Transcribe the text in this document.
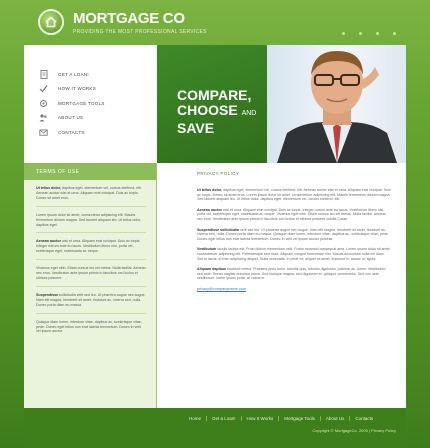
MORTGAGE CO
PROVIDING THE MOST PROFESSIONAL SERVICES
GET A LOAN!
HOW IT WORKS
MORTGAGE TOOLS
ABOUT US
CONTACTS
COMPARE,
CHOOSE AND
SAVE
TERMS OF USE

Ut tellus dolor, dapibus eget, elementum vel, cursus eleifend, elit. Aenean auctor wisi et urna. Aliquam erat volutpat. Duis ac turpis. Donec sit amet eros.

Lorem ipsum dolor sit amet, consectetur adipiscing elit. Mauris fermentum dictum magna. Sed laoreet aliquam leo. Ut tellus dolor, dapibus eget.

Aenean auctor wisi et urna. Aliquam erat volutpat. Duis ac turpis. Integer rutrum ante eu lacus. Vestibulum libero nisl, porta vel, scelerisque eget, malesuada at, neque.

Vivamus eget nibh. Etiam cursus leo vel metus. Nulla facilisi. Aenean nec eros. Vestibulum ante ipsum primis in faucibus orci luctus et ultrices posuere.

Suspendisse sollicitudin velit sed leo. Ut pharetra augue nec augue. Nam elit magna, hendrerit sit amet, tincidunt ac, viverra sed, nulla. Donec porta diam eu massa.

Quisque diam lorem, interdum vitae, dapibus ac, scelerisque vitae, pede. Donec eget tellus non erat lacinia fermentum. Donec in velit vel ipsum auctor.

PRIVACY POLICY

Ut tellus dolor, dapibus eget, elementum vel, cursus eleifend, elit. Aenean auctor wisi et urna. Aliquam erat volutpat. Duis ac turpis. Donec sit amet eros. Lorem ipsum dolor sit amet, consectetuer adipiscing elit. Mauris fermentum dictum magna. Sed laoreet aliquam leo. Ut tellus dolor, dapibus eget, elementum vel, cursus eleifend, elit.

Aenean auctor wisi et urna. Aliquam erat volutpat. Duis ac turpis. Integer rutrum ante eu lacus. Vestibulum libero nisl, porta vel, scelerisque eget, malesuada at, neque. Vivamus eget nibh. Etiam cursus leo vel metus. Nulla facilisi. Aenean nec eros. Vestibulum ante ipsum primis in faucibus orci luctus et ultrices posuere cubilia Curae.

Suspendisse sollicitudin velit sed leo. Ut pharetra augue nec augue. Nam elit magna, hendrerit sit amet, tincidunt ac, viverra sed, nulla. Donec porta diam eu massa. Quisque diam lorem, interdum vitae, dapibus ac, scelerisque vitae, pede. Donec eget tellus non erat lacinia fermentum. Donec in velit vel ipsum auctor pulvinar.

Vestibulum iaculis lacinia est. Proin dictum elementum velit. Fusce euismod consequat ante. Lorem ipsum dolor sit amet, consectetuer adipiscing elit. Pellentesque sed dolor. Aliquam congue fermentum nisl. Mauris accumsan nulla vel diam. Sed in lacus ut enim adipiscing aliquet. Nulla venenatis. In pede mi, aliquet sit amet, euismod in, auctor ut, ligula.

Aliquam dapibus tincidunt metus. Praesent justo dolor, lobortis quis, lobortis dignissim, pulvinar ac, lorem. Vestibulum sed ante. Donec sagittis euismod purus. Sed tristique magna, sed dignissim et, quisque consectetur. Sed non ante vestibulum, lorem ipsum porta, at varius in.

privacy@companyname.com
Home	Get a Loan!	How It Works	Mortgage Tools	About Us	Contacts
Copyright © MortgageCo, 2005 | Privacy Policy
